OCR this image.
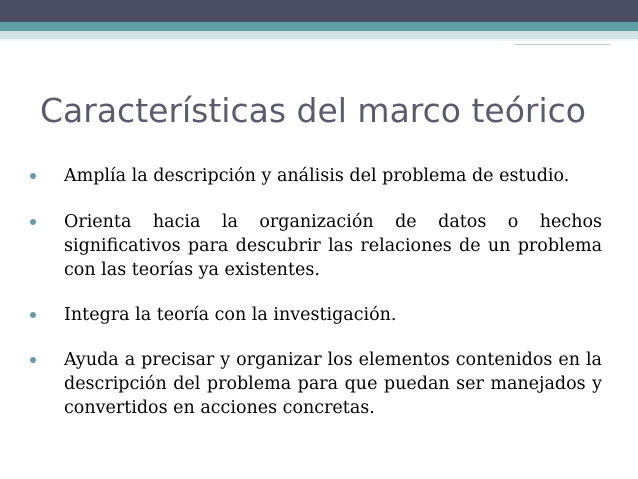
Características del marco teórico
Amplía la descripción y análisis del problema de estudio.
Orienta hacia la organización de datos o hechos significativos para descubrir las relaciones de un problema con las teorías ya existentes.
Integra la teoría con la investigación.
Ayuda a precisar y organizar los elementos contenidos en la descripción del problema para que puedan ser manejados y convertidos en acciones concretas.
